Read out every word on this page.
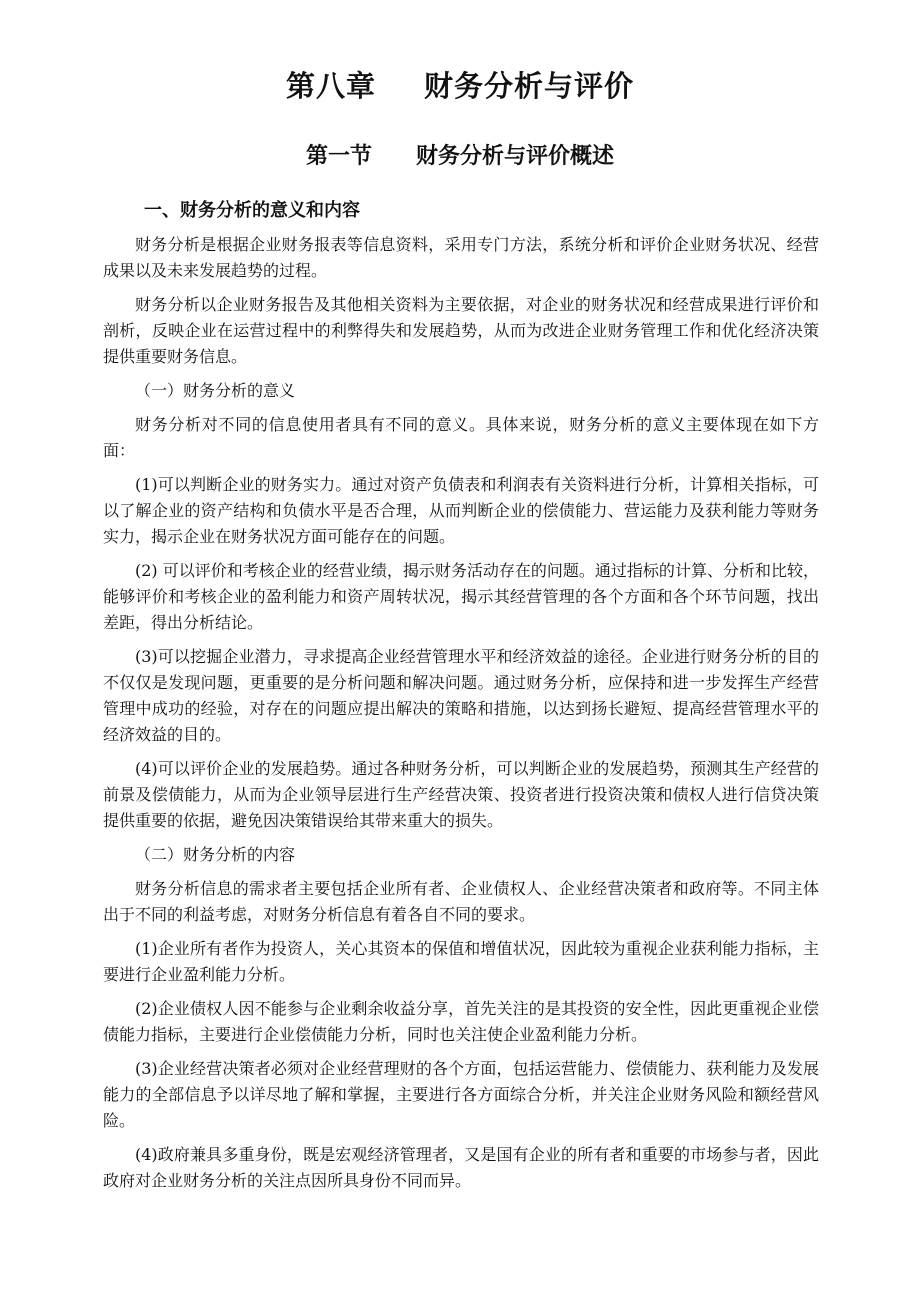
第八章 财务分析与评价
第一节 财务分析与评价概述
一、财务分析的意义和内容

财务分析是根据企业财务报表等信息资料，采用专门方法，系统分析和评价企业财务状况、经营成果以及未来发展趋势的过程。

财务分析以企业财务报告及其他相关资料为主要依据，对企业的财务状况和经营成果进行评价和剖析，反映企业在运营过程中的利弊得失和发展趋势，从而为改进企业财务管理工作和优化经济决策提供重要财务信息。

（一）财务分析的意义

财务分析对不同的信息使用者具有不同的意义。具体来说，财务分析的意义主要体现在如下方面：

(1)可以判断企业的财务实力。通过对资产负债表和利润表有关资料进行分析，计算相关指标，可以了解企业的资产结构和负债水平是否合理，从而判断企业的偿债能力、营运能力及获利能力等财务实力，揭示企业在财务状况方面可能存在的问题。

(2) 可以评价和考核企业的经营业绩，揭示财务活动存在的问题。通过指标的计算、分析和比较，能够评价和考核企业的盈利能力和资产周转状况，揭示其经营管理的各个方面和各个环节问题，找出差距，得出分析结论。

(3)可以挖掘企业潜力，寻求提高企业经营管理水平和经济效益的途径。企业进行财务分析的目的不仅仅是发现问题，更重要的是分析问题和解决问题。通过财务分析，应保持和进一步发挥生产经营管理中成功的经验，对存在的问题应提出解决的策略和措施，以达到扬长避短、提高经营管理水平的经济效益的目的。

(4)可以评价企业的发展趋势。通过各种财务分析，可以判断企业的发展趋势，预测其生产经营的前景及偿债能力，从而为企业领导层进行生产经营决策、投资者进行投资决策和债权人进行信贷决策提供重要的依据，避免因决策错误给其带来重大的损失。

（二）财务分析的内容

财务分析信息的需求者主要包括企业所有者、企业债权人、企业经营决策者和政府等。不同主体出于不同的利益考虑，对财务分析信息有着各自不同的要求。

(1)企业所有者作为投资人，关心其资本的保值和增值状况，因此较为重视企业获利能力指标，主要进行企业盈利能力分析。

(2)企业债权人因不能参与企业剩余收益分享，首先关注的是其投资的安全性，因此更重视企业偿债能力指标，主要进行企业偿债能力分析，同时也关注使企业盈利能力分析。

(3)企业经营决策者必须对企业经营理财的各个方面，包括运营能力、偿债能力、获利能力及发展能力的全部信息予以详尽地了解和掌握，主要进行各方面综合分析，并关注企业财务风险和额经营风险。

(4)政府兼具多重身份，既是宏观经济管理者，又是国有企业的所有者和重要的市场参与者，因此政府对企业财务分析的关注点因所具身份不同而异。
